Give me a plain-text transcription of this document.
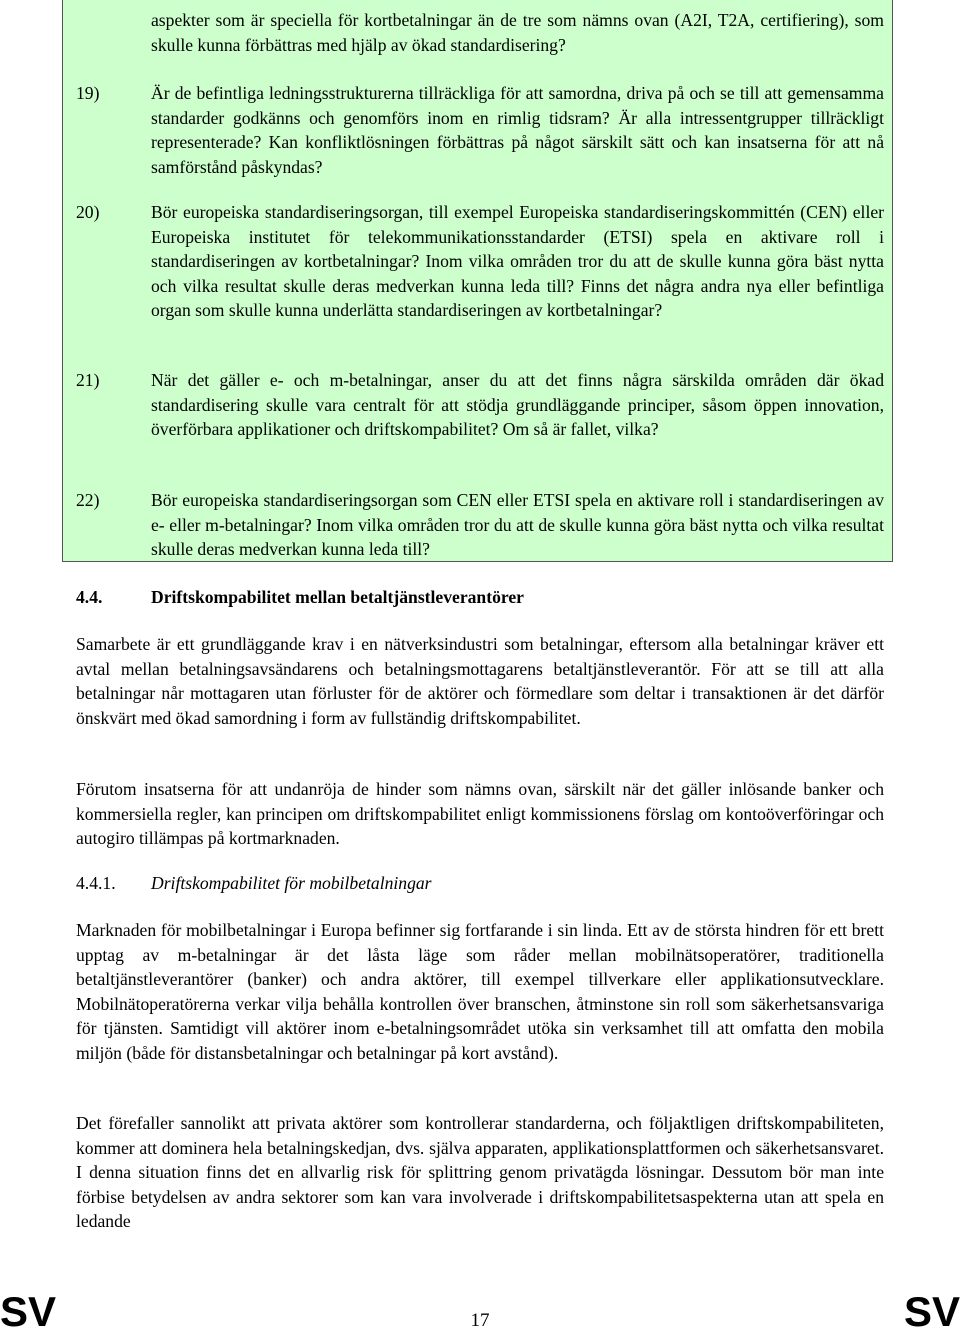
aspekter som är speciella för kortbetalningar än de tre som nämns ovan (A2I, T2A, certifiering), som skulle kunna förbättras med hjälp av ökad standardisering?
19)	Är de befintliga ledningsstrukturerna tillräckliga för att samordna, driva på och se till att gemensamma standarder godkänns och genomförs inom en rimlig tidsram? Är alla intressentgrupper tillräckligt representerade? Kan konfliktlösningen förbättras på något särskilt sätt och kan insatserna för att nå samförstånd påskyndas?
20)	Bör europeiska standardiseringsorgan, till exempel Europeiska standardiseringskommittén (CEN) eller Europeiska institutet för telekommunikationsstandarder (ETSI) spela en aktivare roll i standardiseringen av kortbetalningar? Inom vilka områden tror du att de skulle kunna göra bäst nytta och vilka resultat skulle deras medverkan kunna leda till? Finns det några andra nya eller befintliga organ som skulle kunna underlätta standardiseringen av kortbetalningar?
21)	När det gäller e- och m-betalningar, anser du att det finns några särskilda områden där ökad standardisering skulle vara centralt för att stödja grundläggande principer, såsom öppen innovation, överförbara applikationer och driftskompabilitet? Om så är fallet, vilka?
22)	Bör europeiska standardiseringsorgan som CEN eller ETSI spela en aktivare roll i standardiseringen av e- eller m-betalningar? Inom vilka områden tror du att de skulle kunna göra bäst nytta och vilka resultat skulle deras medverkan kunna leda till?
4.4.	Driftskompabilitet mellan betaltjänstleverantörer
Samarbete är ett grundläggande krav i en nätverksindustri som betalningar, eftersom alla betalningar kräver ett avtal mellan betalningsavsändarens och betalningsmottagarens betaltjänstleverantör. För att se till att alla betalningar når mottagaren utan förluster för de aktörer och förmedlare som deltar i transaktionen är det därför önskvärt med ökad samordning i form av fullständig driftskompabilitet.
Förutom insatserna för att undanröja de hinder som nämns ovan, särskilt när det gäller inlösande banker och kommersiella regler, kan principen om driftskompabilitet enligt kommissionens förslag om kontoöverföringar och autogiro tillämpas på kortmarknaden.
4.4.1. Driftskompabilitet för mobilbetalningar
Marknaden för mobilbetalningar i Europa befinner sig fortfarande i sin linda. Ett av de största hindren för ett brett upptag av m-betalningar är det låsta läge som råder mellan mobilnätsoperatörer, traditionella betaltjänstleverantörer (banker) och andra aktörer, till exempel tillverkare eller applikationsutvecklare. Mobilnätoperatörerna verkar vilja behålla kontrollen över branschen, åtminstone sin roll som säkerhetsansvariga för tjänsten. Samtidigt vill aktörer inom e-betalningsområdet utöka sin verksamhet till att omfatta den mobila miljön (både för distansbetalningar och betalningar på kort avstånd).
Det förefaller sannolikt att privata aktörer som kontrollerar standarderna, och följaktligen driftskompabiliteten, kommer att dominera hela betalningskedjan, dvs. själva apparaten, applikationsplattformen och säkerhetsansvaret. I denna situation finns det en allvarlig risk för splittring genom privatägda lösningar. Dessutom bör man inte förbise betydelsen av andra sektorer som kan vara involverade i driftskompabilitetsaspekterna utan att spela en ledande
SV	17	SV
